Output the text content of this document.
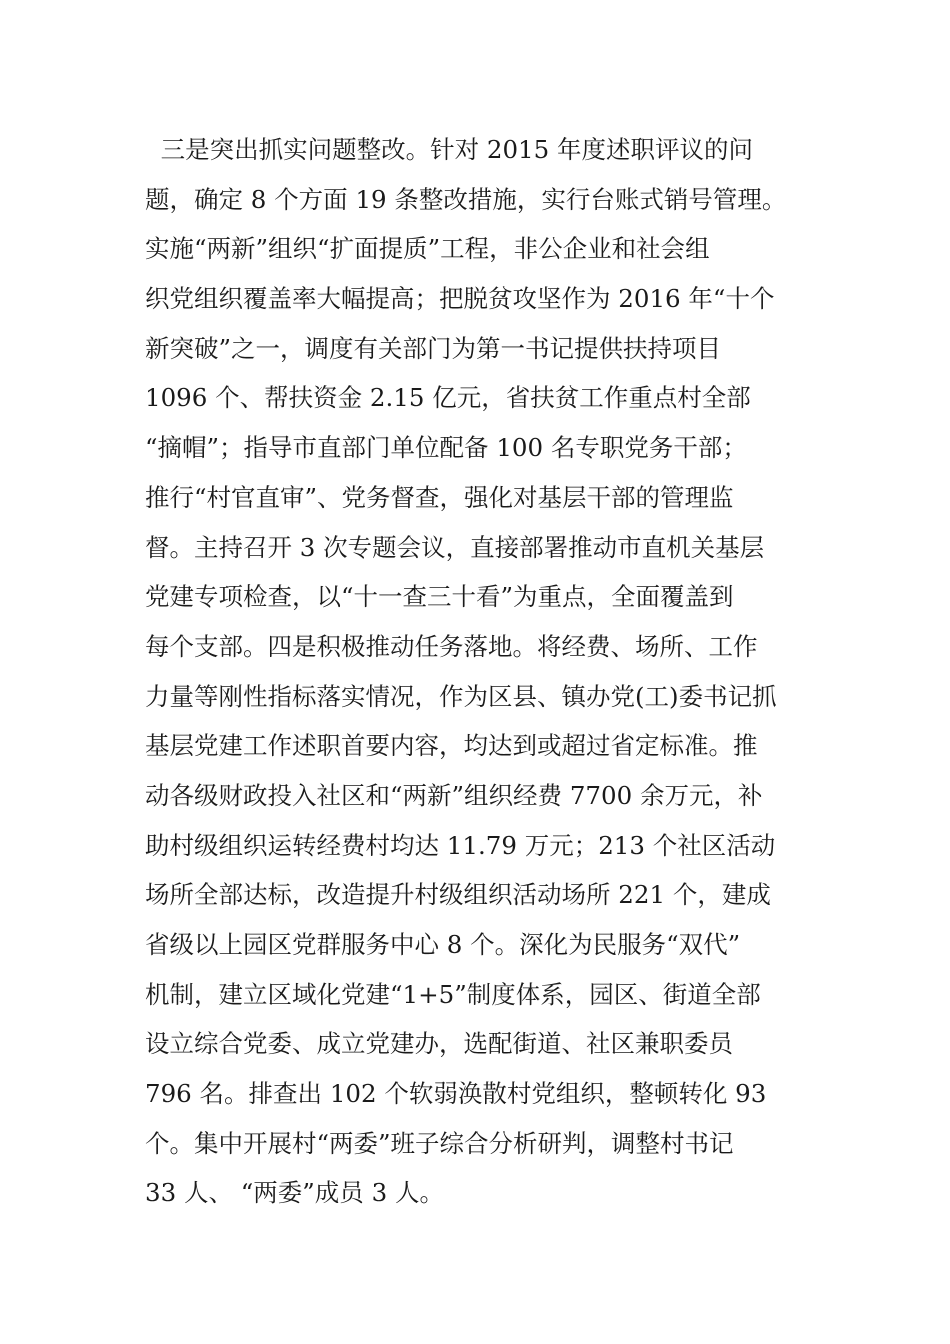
三是突出抓实问题整改。针对 2015 年度述职评议的问
题，确定 8 个方面 19 条整改措施，实行台账式销号管理。
实施“两新”组织“扩面提质”工程，非公企业和社会组
织党组织覆盖率大幅提高；把脱贫攻坚作为 2016 年“十个
新突破”之一，调度有关部门为第一书记提供扶持项目
1096 个、帮扶资金 2.15 亿元，省扶贫工作重点村全部
“摘帽”；指导市直部门单位配备 100 名专职党务干部；
推行“村官直审”、党务督查，强化对基层干部的管理监
督。主持召开 3 次专题会议，直接部署推动市直机关基层
党建专项检查，以“十一查三十看”为重点，全面覆盖到
每个支部。四是积极推动任务落地。将经费、场所、工作
力量等刚性指标落实情况，作为区县、镇办党(工)委书记抓
基层党建工作述职首要内容，均达到或超过省定标准。推
动各级财政投入社区和“两新”组织经费 7700 余万元，补
助村级组织运转经费村均达 11.79 万元；213 个社区活动
场所全部达标，改造提升村级组织活动场所 221 个，建成
省级以上园区党群服务中心 8 个。深化为民服务“双代”
机制，建立区域化党建“1+5”制度体系，园区、街道全部
设立综合党委、成立党建办，选配街道、社区兼职委员
796 名。排查出 102 个软弱涣散村党组织，整顿转化 93
个。集中开展村“两委”班子综合分析研判，调整村书记
33 人、 “两委”成员 3 人。
